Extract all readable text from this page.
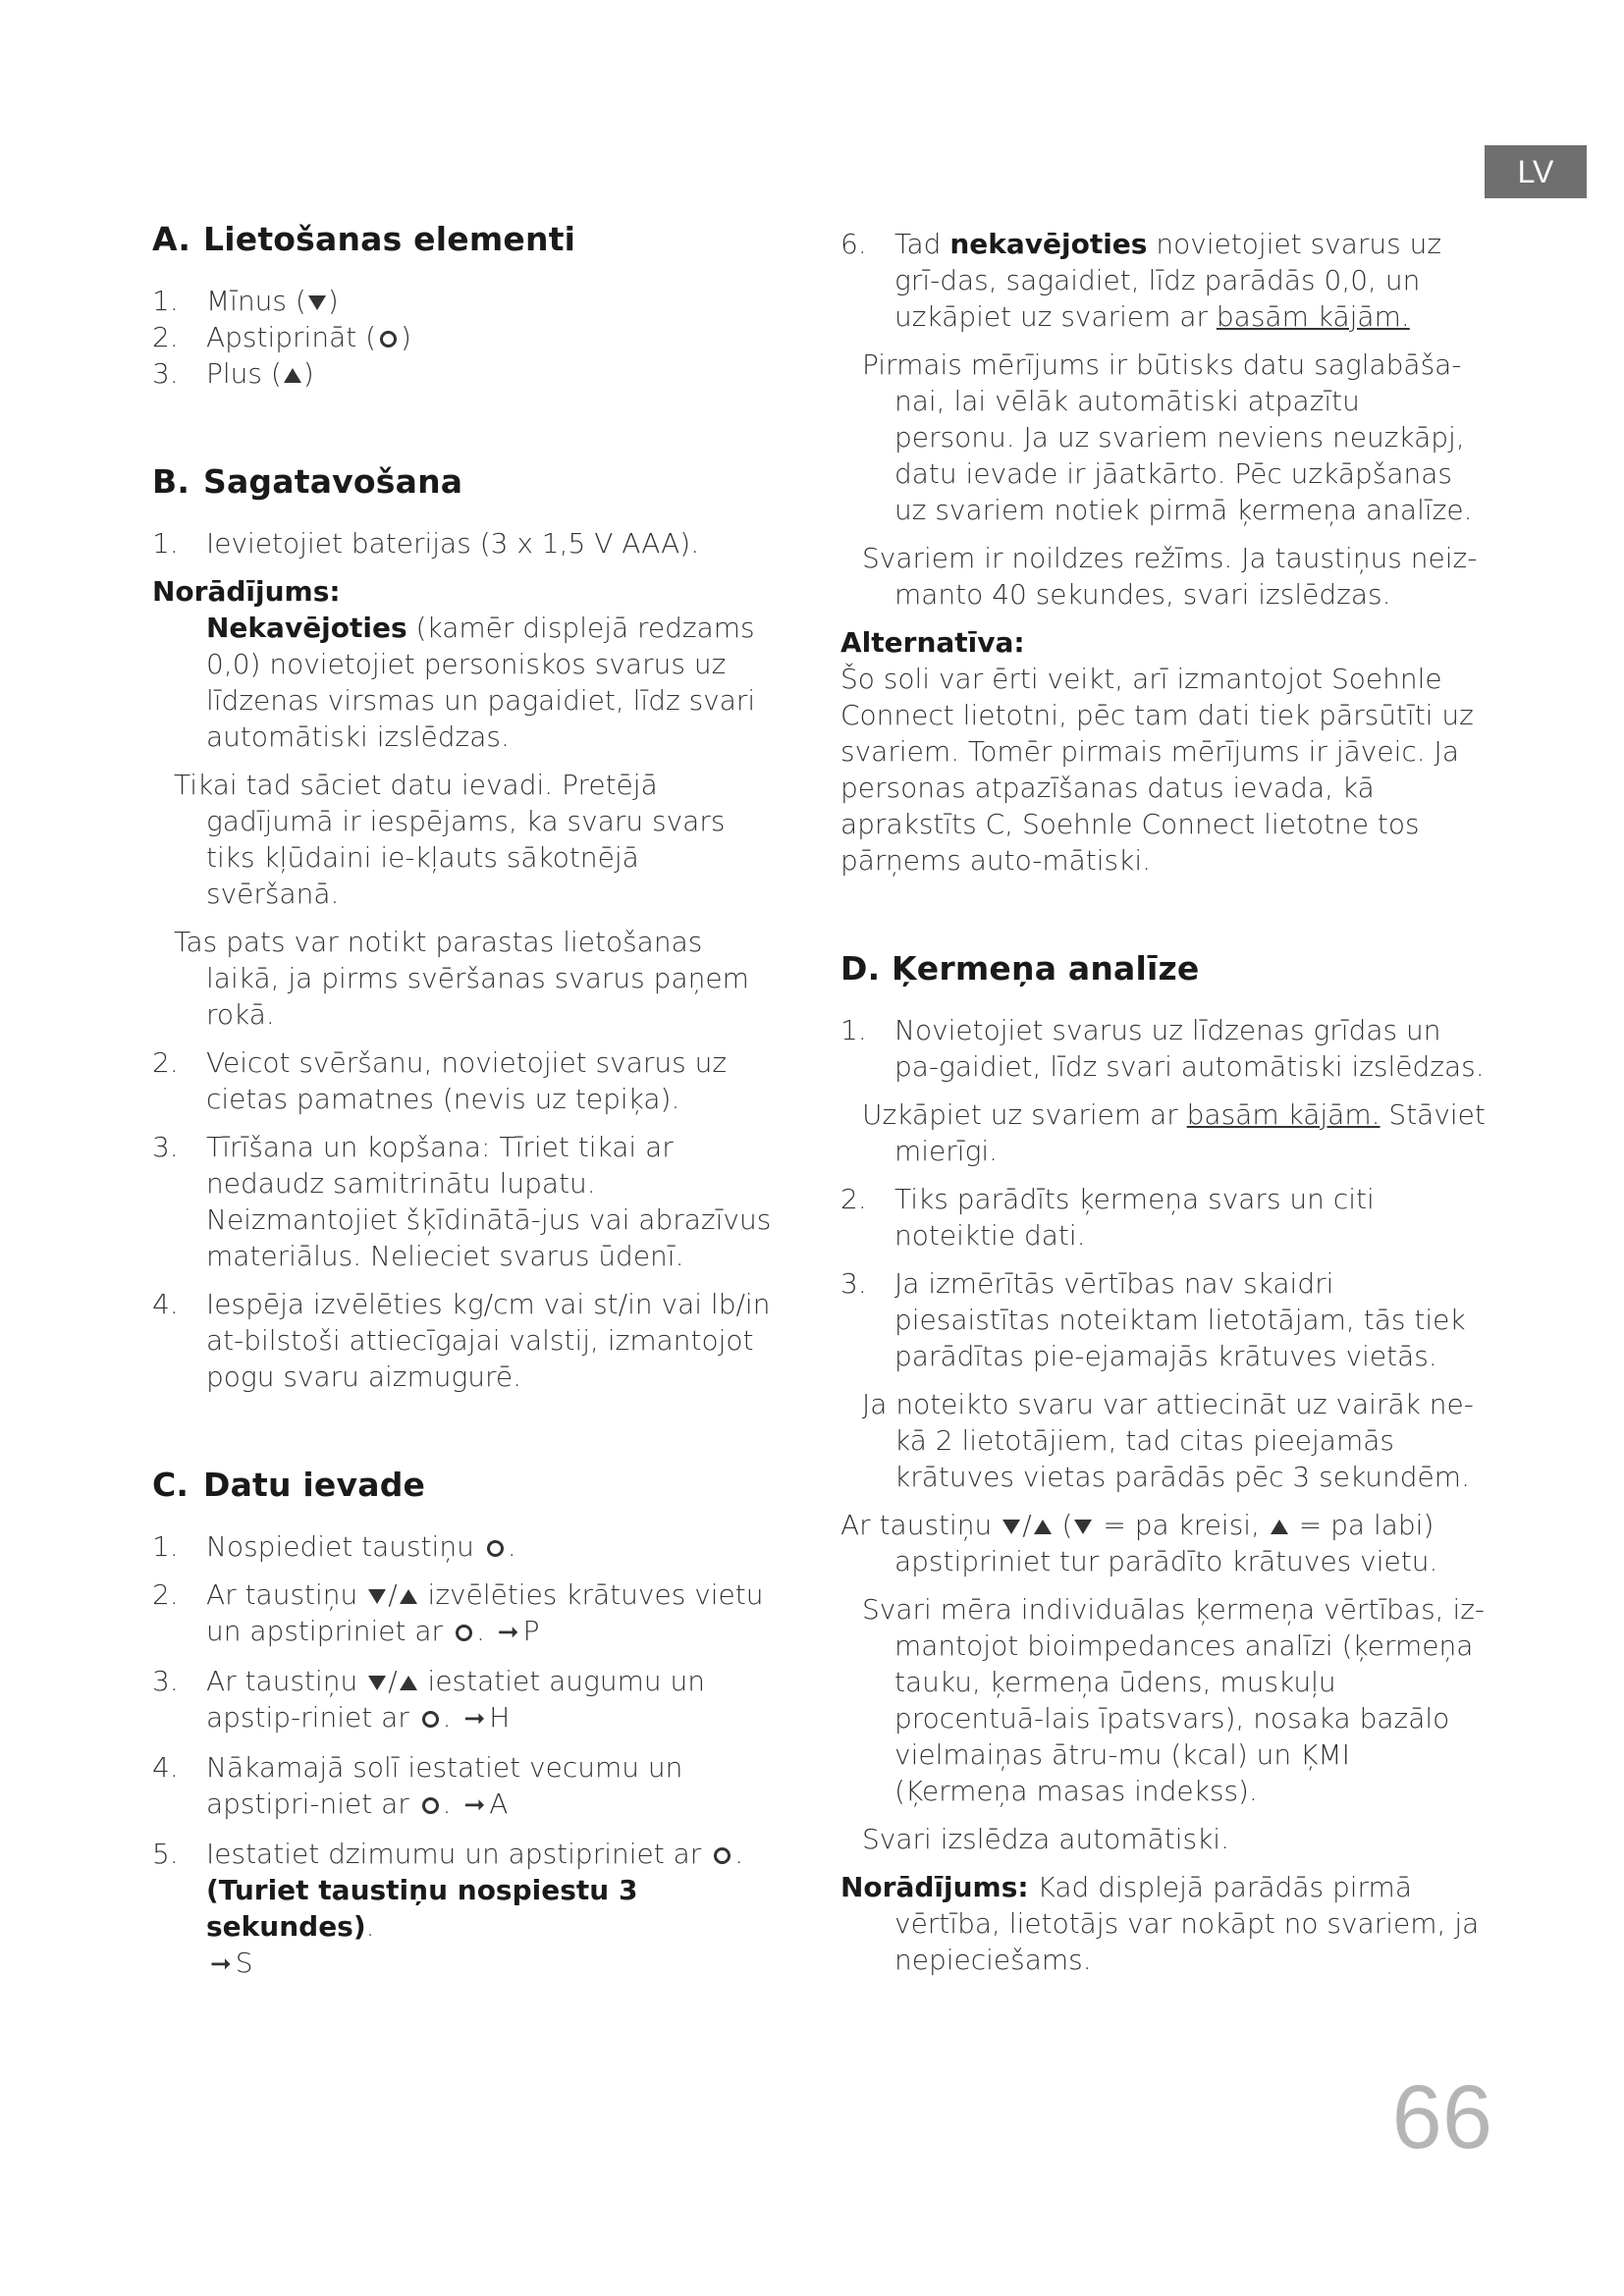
LV
A. Lietošanas elementi

1. Mīnus ( )

2. Apstiprināt ( )

3. Plus ( )

B. Sagatavošana

1. Ievietojiet baterijas (3 x 1,5 V AAA).

Norādījums:

Nekavējoties (kamēr displejā redzams 0,0) novietojiet personiskos svarus uz līdzenas virsmas un pagaidiet, līdz svari automātiski izslēdzas.

Tikai tad sāciet datu ievadi. Pretējā gadījumā ir iespējams, ka svaru svars tiks kļūdaini ie-kļauts sākotnējā svēršanā.

Tas pats var notikt parastas lietošanas laikā, ja pirms svēršanas svarus paņem rokā.

2. Veicot svēršanu, novietojiet svarus uz cietas pamatnes (nevis uz tepiķa).

3. Tīrīšana un kopšana: Tīriet tikai ar nedaudz samitrinātu lupatu. Neizmantojiet šķīdinātā-jus vai abrazīvus materiālus. Nelieciet svarus ūdenī.

4. Iespēja izvēlēties kg/cm vai st/in vai lb/in at-bilstoši attiecīgajai valstij, izmantojot pogu svaru aizmugurē.

C. Datu ievade

1. Nospiediet taustiņu .

2. Ar taustiņu / izvēlēties krātuves vietu un apstipriniet ar . ➞ P

3. Ar taustiņu / iestatiet augumu un apstip-riniet ar . ➞ H

4. Nākamajā solī iestatiet vecumu un apstipri-niet ar . ➞ A

5. Iestatiet dzimumu un apstipriniet ar . (Turiet taustiņu nospiestu 3 sekundes).
➞ S

6. Tad nekavējoties novietojiet svarus uz grī-das, sagaidiet, līdz parādās 0,0, un uzkāpiet uz svariem ar basām kājām.

Pirmais mērījums ir būtisks datu saglabāša-nai, lai vēlāk automātiski atpazītu personu. Ja uz svariem neviens neuzkāpj, datu ievade ir jāatkārto. Pēc uzkāpšanas uz svariem notiek pirmā ķermeņa analīze.

Svariem ir noildzes režīms. Ja taustiņus neiz-manto 40 sekundes, svari izslēdzas.

Alternatīva:

Šo soli var ērti veikt, arī izmantojot Soehnle Connect lietotni, pēc tam dati tiek pārsūtīti uz svariem. Tomēr pirmais mērījums ir jāveic. Ja personas atpazīšanas datus ievada, kā aprakstīts C, Soehnle Connect lietotne tos pārņems auto-mātiski.

D. Ķermeņa analīze

1. Novietojiet svarus uz līdzenas grīdas un pa-gaidiet, līdz svari automātiski izslēdzas.

Uzkāpiet uz svariem ar basām kājām. Stāviet mierīgi.

2. Tiks parādīts ķermeņa svars un citi noteiktie dati.

3. Ja izmērītās vērtības nav skaidri piesaistītas noteiktam lietotājam, tās tiek parādītas pie-ejamajās krātuves vietās.

Ja noteikto svaru var attiecināt uz vairāk ne-kā 2 lietotājiem, tad citas pieejamās krātuves vietas parādās pēc 3 sekundēm.

Ar taustiņu / ( = pa kreisi, = pa labi) apstipriniet tur parādīto krātuves vietu.

Svari mēra individuālas ķermeņa vērtības, iz-mantojot bioimpedances analīzi (ķermeņa tauku, ķermeņa ūdens, muskuļu procentuā-lais īpatsvars), nosaka bazālo vielmaiņas ātru-mu (kcal) un ĶMI (Ķermeņa masas indekss).

Svari izslēdza automātiski.

Norādījums: Kad displejā parādās pirmā vērtība, lietotājs var nokāpt no svariem, ja nepieciešams.

66
